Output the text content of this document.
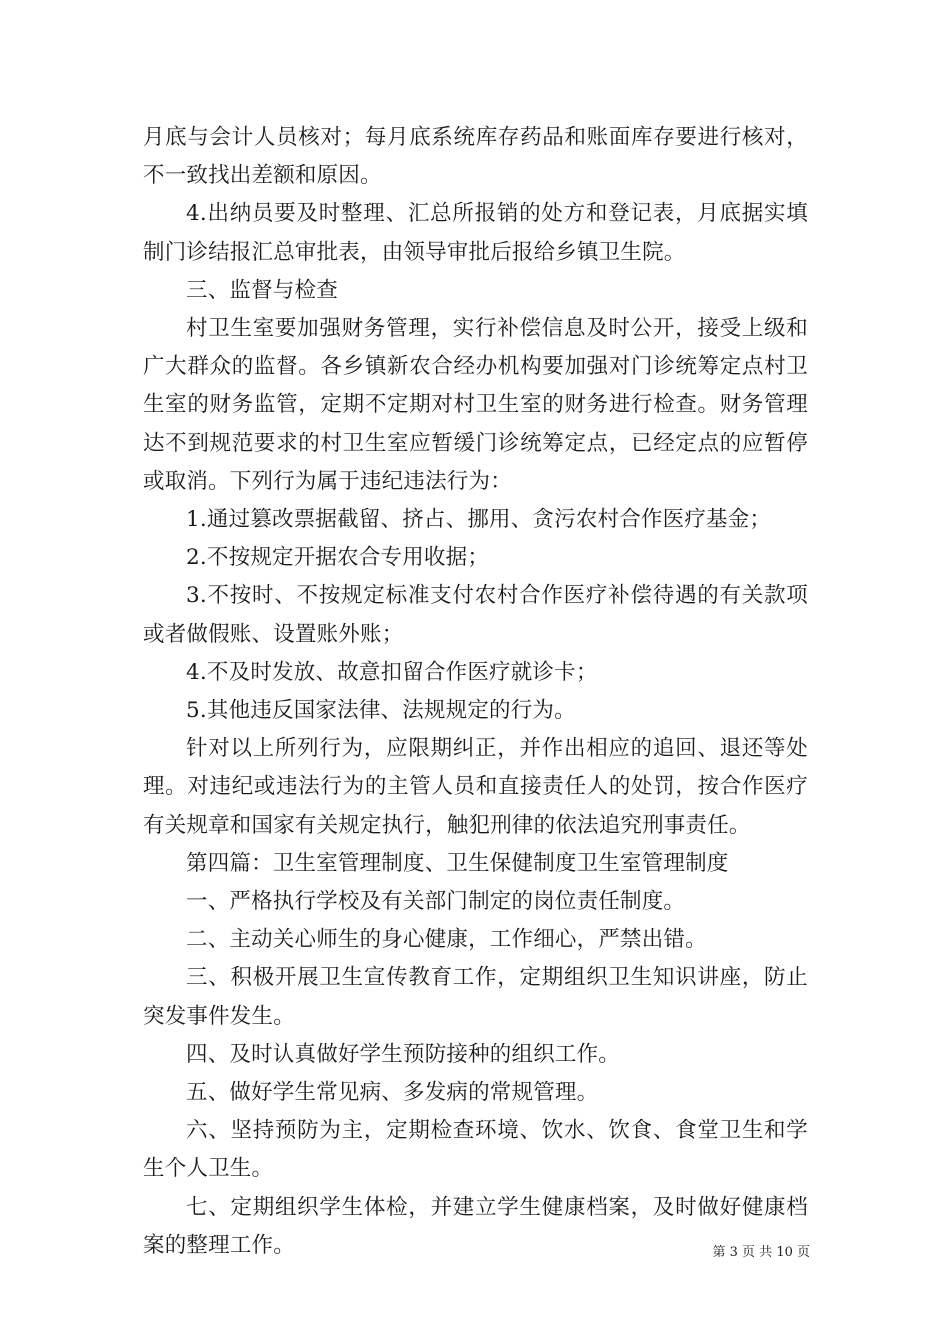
月底与会计人员核对；每月底系统库存药品和账面库存要进行核对，不一致找出差额和原因。

4.出纳员要及时整理、汇总所报销的处方和登记表，月底据实填制门诊结报汇总审批表，由领导审批后报给乡镇卫生院。

三、监督与检查

村卫生室要加强财务管理，实行补偿信息及时公开，接受上级和广大群众的监督。各乡镇新农合经办机构要加强对门诊统筹定点村卫生室的财务监管，定期不定期对村卫生室的财务进行检查。财务管理达不到规范要求的村卫生室应暂缓门诊统筹定点，已经定点的应暂停或取消。下列行为属于违纪违法行为：

1.通过篡改票据截留、挤占、挪用、贪污农村合作医疗基金；

2.不按规定开据农合专用收据；

3.不按时、不按规定标准支付农村合作医疗补偿待遇的有关款项或者做假账、设置账外账；

4.不及时发放、故意扣留合作医疗就诊卡；

5.其他违反国家法律、法规规定的行为。

针对以上所列行为，应限期纠正，并作出相应的追回、退还等处理。对违纪或违法行为的主管人员和直接责任人的处罚，按合作医疗有关规章和国家有关规定执行，触犯刑律的依法追究刑事责任。

第四篇：卫生室管理制度、卫生保健制度卫生室管理制度

一、严格执行学校及有关部门制定的岗位责任制度。

二、主动关心师生的身心健康，工作细心，严禁出错。

三、积极开展卫生宣传教育工作，定期组织卫生知识讲座，防止突发事件发生。

四、及时认真做好学生预防接种的组织工作。

五、做好学生常见病、多发病的常规管理。

六、坚持预防为主，定期检查环境、饮水、饮食、食堂卫生和学生个人卫生。

七、定期组织学生体检，并建立学生健康档案，及时做好健康档案的整理工作。	第 3 页 共 10 页
